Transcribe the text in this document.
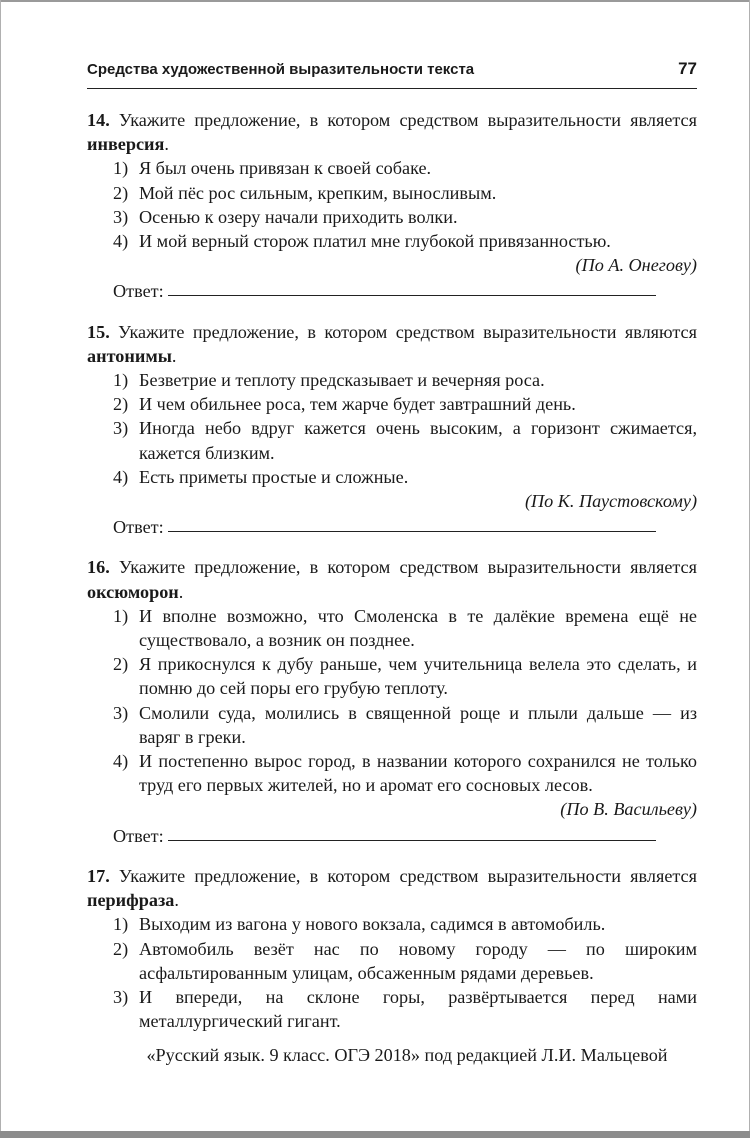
Средства художественной выразительности текста	77
14. Укажите предложение, в котором средством выразительности является инверсия.
1) Я был очень привязан к своей собаке.
2) Мой пёс рос сильным, крепким, выносливым.
3) Осенью к озеру начали приходить волки.
4) И мой верный сторож платил мне глубокой привязанностью.
(По А. Онегову)
Ответ:
15. Укажите предложение, в котором средством выразительности являются антонимы.
1) Безветрие и теплоту предсказывает и вечерняя роса.
2) И чем обильнее роса, тем жарче будет завтрашний день.
3) Иногда небо вдруг кажется очень высоким, а горизонт сжимается, кажется близким.
4) Есть приметы простые и сложные.
(По К. Паустовскому)
Ответ:
16. Укажите предложение, в котором средством выразительности является оксюморон.
1) И вполне возможно, что Смоленска в те далёкие времена ещё не существовало, а возник он позднее.
2) Я прикоснулся к дубу раньше, чем учительница велела это сделать, и помню до сей поры его грубую теплоту.
3) Смолили суда, молились в священной роще и плыли дальше — из варяг в греки.
4) И постепенно вырос город, в названии которого сохранился не только труд его первых жителей, но и аромат его сосновых лесов.
(По В. Васильеву)
Ответ:
17. Укажите предложение, в котором средством выразительности является перифраза.
1) Выходим из вагона у нового вокзала, садимся в автомобиль.
2) Автомобиль везёт нас по новому городу — по широким асфальтированным улицам, обсаженным рядами деревьев.
3) И впереди, на склоне горы, развёртывается перед нами металлургический гигант.
«Русский язык. 9 класс. ОГЭ 2018» под редакцией Л.И. Мальцевой
